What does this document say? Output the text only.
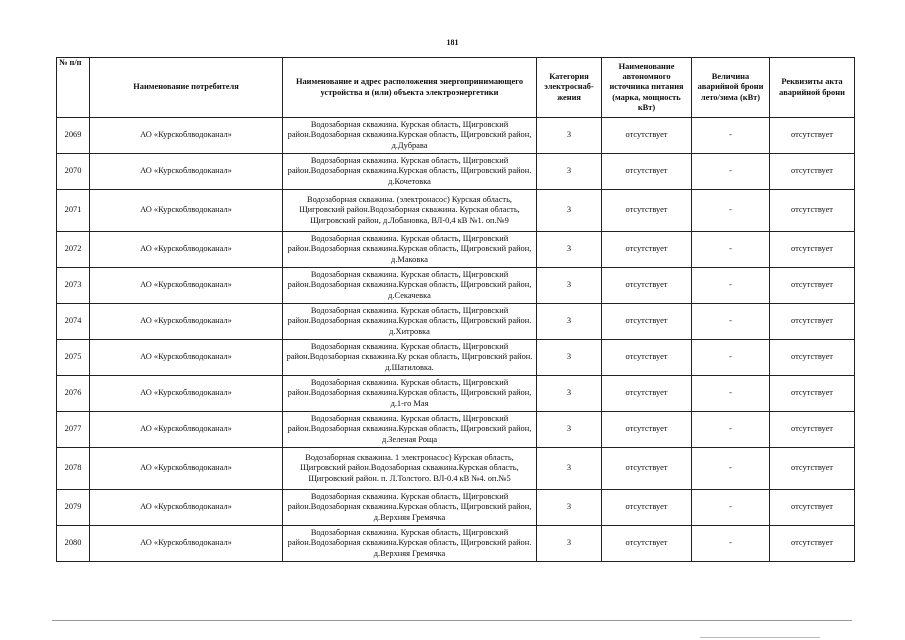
181
№ п/п	Наименование потребителя	Наименование и адрес расположения энергопринимающего устройства и (или) объекта электроэнергетики	Категория электроснаб-жения	Наименование автономного источника питания (марка, мощность кВт)	Величина аварийной брони лето/зима (кВт)	Реквизиты акта аварийной брони
2069	АО «Курскоблводоканал»	Водозаборная скважина. Курская область, Щигровский район.Водозаборная скважина.Курская область, Щигровский район, д.Дубрава	3	отсутствует	-	отсутствует
2070	АО «Курскоблводоканал»	Водозаборная скважина. Курская область, Щигровский район.Водозаборная скважина.Курская область, Щигровский район. д.Кочетовка	3	отсутствует	-	отсутствует
2071	АО «Курскоблводоканал»	Водозаборная скважина. (электронасос) Курская область, Щигровский район.Водозаборная скважина. Курская область, Щигровский район, д.Лобановка, ВЛ-0,4 кВ №1. оп.№9	3	отсутствует	-	отсутствует
2072	АО «Курскоблводоканал»	Водозаборная скважина. Курская область, Щигровский район.Водозаборная скважина.Курская область, Щигровский район, д.Маковка	3	отсутствует	-	отсутствует
2073	АО «Курскоблводоканал»	Водозаборная скважина. Курская область, Щигровский район.Водозаборная скважина.Курская область, Щигровский район, д.Секачевка	3	отсутствует	-	отсутствует
2074	АО «Курскоблводоканал»	Водозаборная скважина. Курская область, Щигровский район.Водозаборная скважина.Курская область, Щигровский район. д.Хитровка	3	отсутствует	-	отсутствует
2075	АО «Курскоблводоканал»	Водозаборная скважина. Курская область, Щигровский район.Водозаборная скважина.Ку рская область, Щигровский район. д.Шатиловка.	3	отсутствует	-	отсутствует
2076	АО «Курскоблводоканал»	Водозаборная скважина. Курская область, Щигровский район.Водозаборная скважина.Курская область, Щигровский район, д.1-го Мая	3	отсутствует	-	отсутствует
2077	АО «Курскоблводоканал»	Водозаборная скважина. Курская область, Щигровский район.Водозаборная скважина.Курская область, Щигровский район, д.Зеленая Роща	3	отсутствует	-	отсутствует
2078	АО «Курскоблводоканал»	Водозаборная скважина. 1 электронасос) Курская область, Щигровский район.Водозаборная скважина.Курская область, Щигровский район. п. Л.Толстого. ВЛ-0.4 кВ №4. оп.№5	3	отсутствует	-	отсутствует
2079	АО «Курскоблводоканал»	Водозаборная скважина. Курская область, Щигровский район.Водозаборная скважина.Курская область, Щигровский район, д.Верхняя Гремячка	3	отсутствует	-	отсутствует
2080	АО «Курскоблводоканал»	Водозаборная скважина. Курская область, Щигровский район.Водозаборная скважина.Курская область, Щигровский район. д.Верхняя Гремячка	3	отсутствует	-	отсутствует
